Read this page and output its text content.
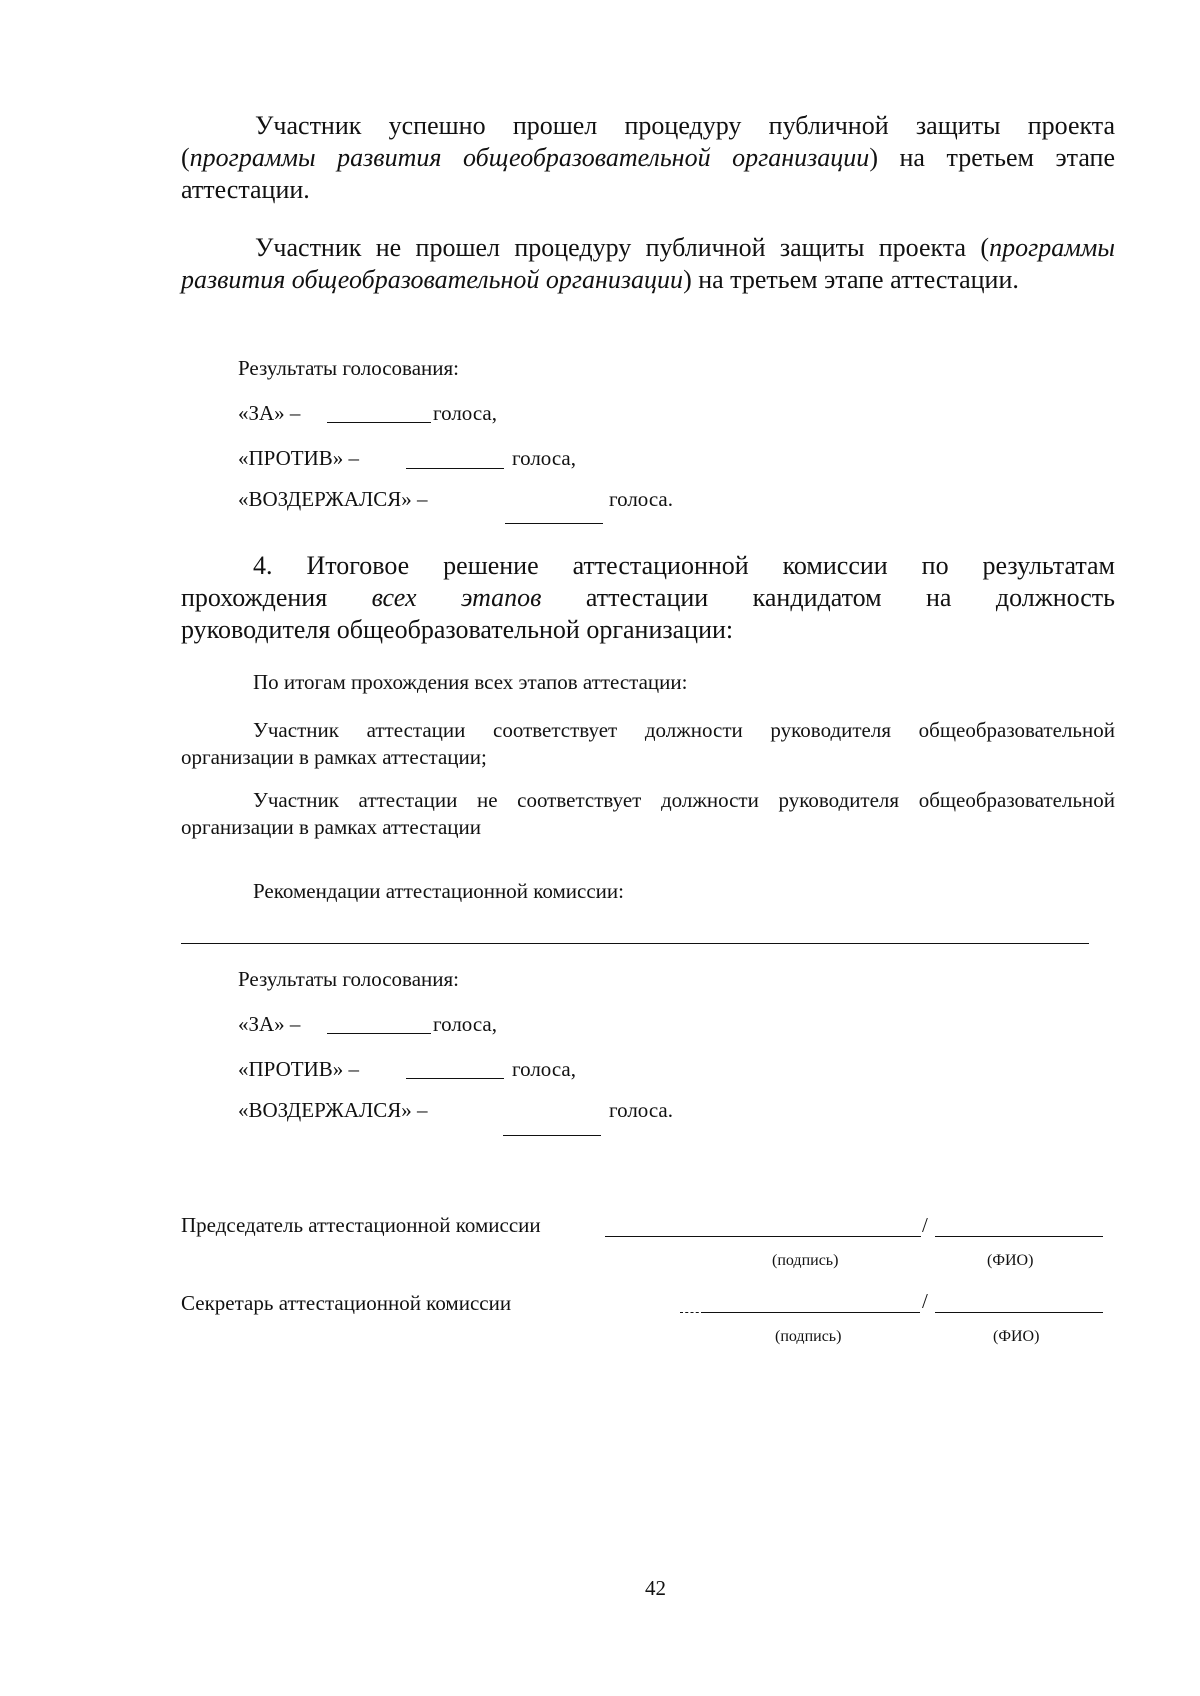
Участник успешно прошел процедуру публичной защиты проекта (программы развития общеобразовательной организации) на третьем этапе аттестации.
Участник не прошел процедуру публичной защиты проекта (программы развития общеобразовательной организации) на третьем этапе аттестации.
Результаты голосования:
«ЗА» –	голоса,
«ПРОТИВ» –	голоса,
«ВОЗДЕРЖАЛСЯ» –	голоса.
4. Итоговое решение аттестационной комиссии по результатам
прохождения всех этапов аттестации кандидатом на должность
руководителя общеобразовательной организации:
По итогам прохождения всех этапов аттестации:
Участник аттестации соответствует должности руководителя общеобразовательной организации в рамках аттестации;
Участник аттестации не соответствует должности руководителя общеобразовательной организации в рамках аттестации
Рекомендации аттестационной комиссии:
Результаты голосования:
«ЗА» –	голоса,
«ПРОТИВ» –	голоса,
«ВОЗДЕРЖАЛСЯ» –	голоса.
Председатель аттестационной комиссии	/
(подпись)	(ФИО)
Секретарь аттестационной комиссии	/
(подпись)	(ФИО)
42
